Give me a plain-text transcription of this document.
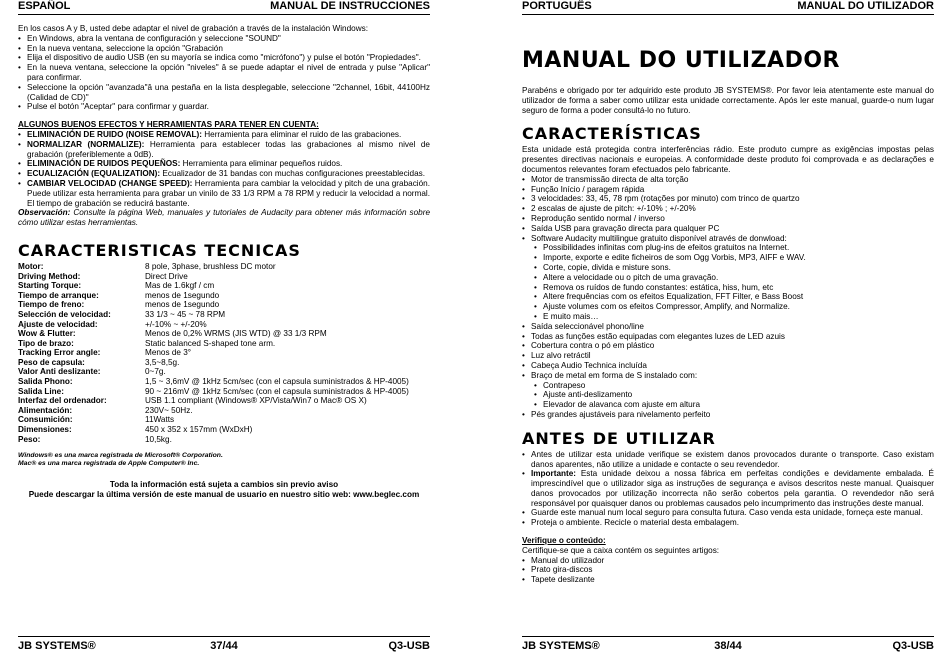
ESPAÑOL	MANUAL DE INSTRUCCIONES

En los casos A y B, usted debe adaptar el nivel de grabación a través de la instalación Windows:

• En Windows, abra la ventana de configuración y seleccione "SOUND"
• En la nueva ventana, seleccione la opción "Grabación
• Elija el dispositivo de audio USB (en su mayoría se indica como "micrófono") y pulse el botón "Propiedades".
• En la nueva ventana, seleccione la opción "niveles" â se puede adaptar el nivel de entrada y pulse "Aplicar" para confirmar.
• Seleccione la opción "avanzada"â una pestaña en la lista desplegable, seleccione "2channel, 16bit, 44100Hz (Calidad de CD)"
• Pulse el botón "Aceptar" para confirmar y guardar.

ALGUNOS BUENOS EFECTOS Y HERRAMIENTAS PARA TENER EN CUENTA:

• ELIMINACIÓN DE RUIDO (NOISE REMOVAL): Herramienta para eliminar el ruido de las grabaciones.
• NORMALIZAR (NORMALIZE): Herramienta para establecer todas las grabaciones al mismo nivel de grabación (preferiblemente a 0dB).
• ELIMINACIÓN DE RUIDOS PEQUEÑOS: Herramienta para eliminar pequeños ruidos.
• ECUALIZACIÓN (EQUALIZATION): Ecualizador de 31 bandas con muchas configuraciones preestablecidas.
• CAMBIAR VELOCIDAD (CHANGE SPEED): Herramienta para cambiar la velocidad y pitch de una grabación. Puede utilizar esta herramienta para grabar un vinilo de 33 1/3 RPM a 78 RPM y reducir la velocidad a normal. El tiempo de grabación se reducirá bastante.

Observación: Consulte la página Web, manuales y tutoriales de Audacity para obtener más información sobre cómo utilizar estas herramientas.

CARACTERISTICAS TECNICAS
Motor:	8 pole, 3phase, brushless DC motor
Driving Method:	Direct Drive
Starting Torque:	Mas de 1.6kgf / cm
Tiempo de arranque:	menos de 1segundo
Tiempo de freno:	menos de 1segundo
Selección de velocidad:	33 1/3 ~ 45 ~ 78 RPM
Ajuste de velocidad:	+/-10% ~ +/-20%
Wow & Flutter:	Menos de 0,2% WRMS (JIS WTD) @ 33 1/3 RPM
Tipo de brazo:	Static balanced S-shaped tone arm.
Tracking Error angle:	Menos de 3°
Peso de capsula:	3,5~8,5g.
Valor Anti deslizante:	0~7g.
Salida Phono:	1,5 ~ 3,6mV @ 1kHz 5cm/sec (con el capsula suministrados & HP-4005)
Salida Line:	90 ~ 216mV @ 1kHz 5cm/sec (con el capsula suministrados & HP-4005)
Interfaz del ordenador:	USB 1.1 compliant (Windows® XP/Vista/Win7 o Mac® OS X)
Alimentación:	230V~ 50Hz.
Consumición:	11Watts
Dimensiones:	450 x 352 x 157mm (WxDxH)
Peso:	10,5kg.

Windows® es una marca registrada de Microsoft® Corporation.

Mac® es una marca registrada de Apple Computer® Inc.

Toda la información está sujeta a cambios sin previo aviso

Puede descargar la última versión de este manual de usuario en nuestro sitio web: www.beglec.com

JB SYSTEMS®	37/44	Q3-USB
PORTUGUÊS	MANUAL DO UTILIZADOR
MANUAL DO UTILIZADOR

Parabéns e obrigado por ter adquirido este produto JB SYSTEMS®. Por favor leia atentamente este manual do utilizador de forma a saber como utilizar esta unidade correctamente. Após ler este manual, guarde-o num lugar seguro de forma a poder consultá-lo no futuro.

CARACTERÍSTICAS

Esta unidade está protegida contra interferências rádio. Este produto cumpre as exigências impostas pelas presentes directivas nacionais e europeias. A conformidade deste produto foi comprovada e as declarações e documentos relevantes foram efectuados pelo fabricante.

• Motor de transmissão directa de alta torção
• Função Início / paragem rápida
• 3 velocidades: 33, 45, 78 rpm (rotações por minuto) com trinco de quartzo
• 2 escalas de ajuste de pitch: +/-10% ; +/-20%
• Reprodução sentido normal / inverso
• Saída USB para gravação directa para qualquer PC
• Software Audacity multilingue gratuito disponível através de donwload:
• Possibilidades infinitas com plug-ins de efeitos gratuitos na Internet.
• Importe, exporte e edite ficheiros de som Ogg Vorbis, MP3, AIFF e WAV.
• Corte, copie, divida e misture sons.
• Altere a velocidade ou o pitch de uma gravação.
• Remova os ruídos de fundo constantes: estática, hiss, hum, etc
• Altere frequências com os efeitos Equalization, FFT Filter, e Bass Boost
• Ajuste volumes com os efeitos Compressor, Amplify, and Normalize.
• E muito mais…
• Saída seleccionável phono/line
• Todas as funções estão equipadas com elegantes luzes de LED azuis
• Cobertura contra o pó em plástico
• Luz alvo retráctil
• Cabeça Audio Technica incluída
• Braço de metal em forma de S instalado com:
• Contrapeso
• Ajuste anti-deslizamento
• Elevador de alavanca com ajuste em altura
• Pés grandes ajustáveis para nivelamento perfeito
ANTES DE UTILIZAR
• Antes de utilizar esta unidade verifique se existem danos provocados durante o transporte. Caso existam danos aparentes, não utilize a unidade e contacte o seu revendedor.
• Importante: Esta unidade deixou a nossa fábrica em perfeitas condições e devidamente embalada. É imprescindível que o utilizador siga as instruções de segurança e avisos descritos neste manual. Quaisquer danos provocados por utilização incorrecta não serão cobertos pela garantia. O revendedor não será responsável por quaisquer danos ou problemas causados pelo incumprimento das instruções deste manual.
• Guarde este manual num local seguro para consulta futura. Caso venda esta unidade, forneça este manual.
• Proteja o ambiente. Recicle o material desta embalagem.

Verifique o conteúdo:

Certifique-se que a caixa contém os seguintes artigos:

• Manual do utilizador
• Prato gira-discos
• Tapete deslizante
JB SYSTEMS®	38/44	Q3-USB
